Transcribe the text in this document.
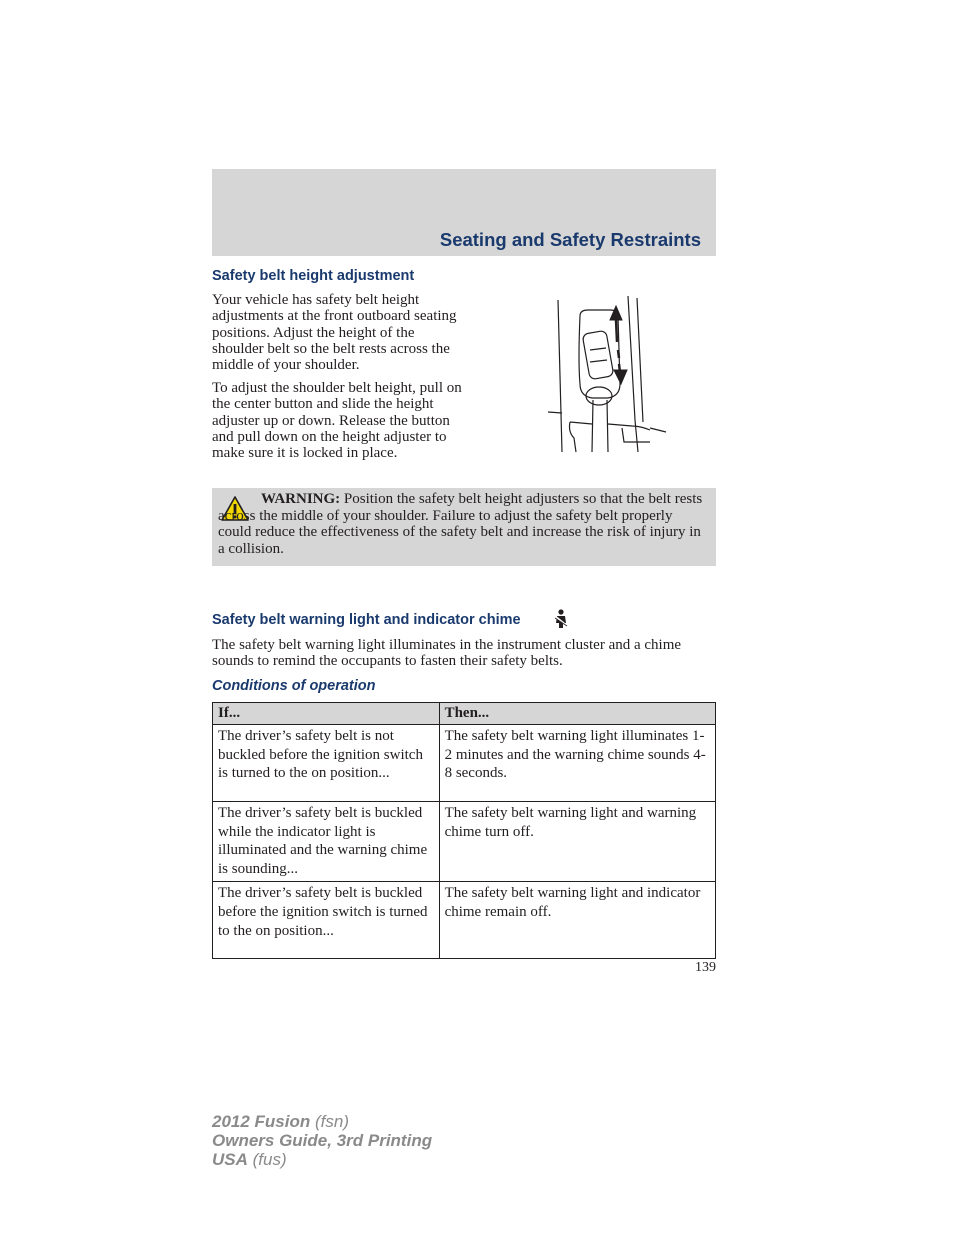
Seating and Safety Restraints
Safety belt height adjustment

Your vehicle has safety belt height adjustments at the front outboard seating positions. Adjust the height of the shoulder belt so the belt rests across the middle of your shoulder.

To adjust the shoulder belt height, pull on the center button and slide the height adjuster up or down. Release the button and pull down on the height adjuster to make sure it is locked in place.

WARNING: Position the safety belt height adjusters so that the belt rests across the middle of your shoulder. Failure to adjust the safety belt properly could reduce the effectiveness of the safety belt and increase the risk of injury in a collision.

Safety belt warning light and indicator chime

The safety belt warning light illuminates in the instrument cluster and a chime sounds to remind the occupants to fasten their safety belts.

Conditions of operation
If...	Then...
The driver’s safety belt is not buckled before the ignition switch is turned to the on position...	The safety belt warning light illuminates 1-2 minutes and the warning chime sounds 4-8 seconds.
The driver’s safety belt is buckled while the indicator light is illuminated and the warning chime is sounding...	The safety belt warning light and warning chime turn off.
The driver’s safety belt is buckled before the ignition switch is turned to the on position...	The safety belt warning light and indicator chime remain off.

139

2012 Fusion (fsn)
Owners Guide, 3rd Printing
USA (fus)
